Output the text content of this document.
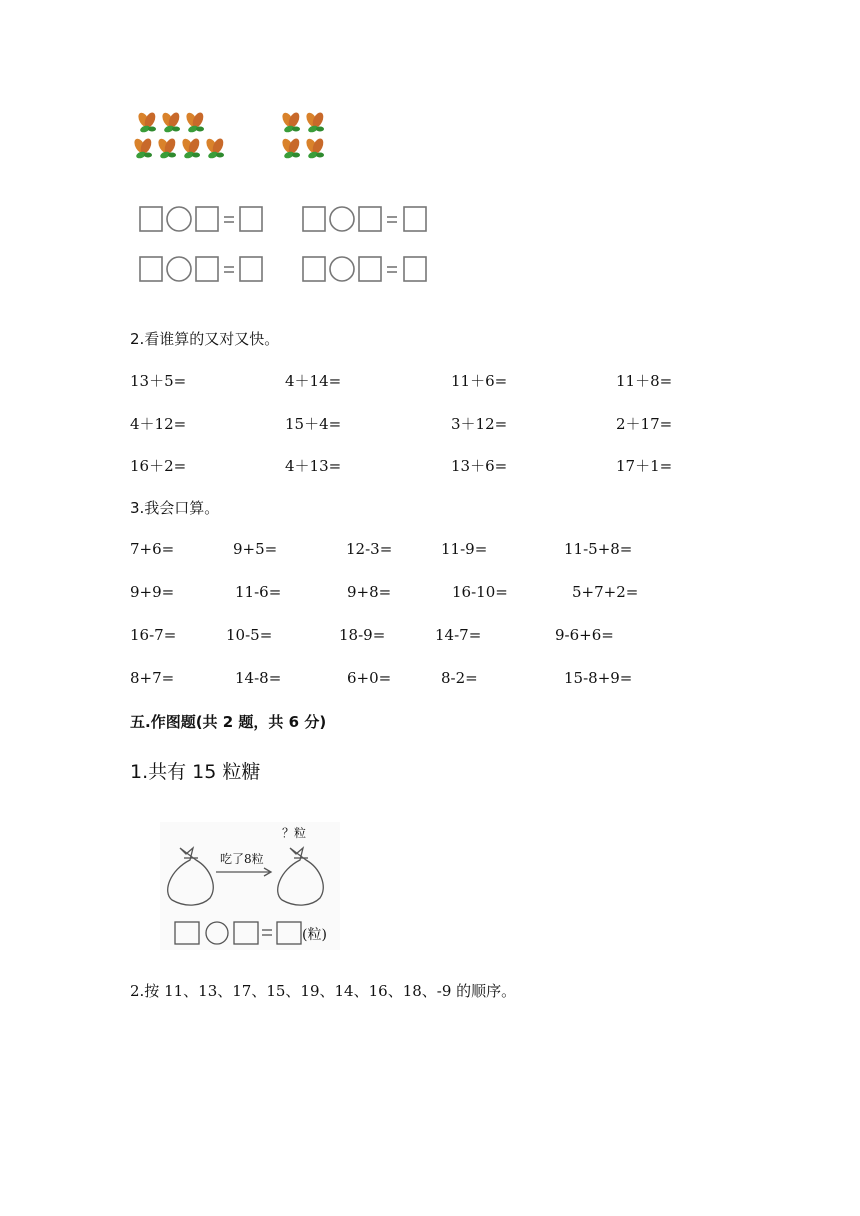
2.看谁算的又对又快。
13＋5=	4＋14=	11＋6=	11＋8=
4＋12=	15＋4=	3＋12=	2＋17=
16＋2=	4＋13=	13＋6=	17＋1=
3.我会口算。
7+6=	9+5=	12-3=	11-9=	11-5+8=
9+9=	11-6=	9+8=	16-10=	5+7+2=
16-7=	10-5=	18-9=	14-7=	9-6+6=
8+7=	14-8=	6+0=	8-2=	15-8+9=
五.作图题(共 2 题，共 6 分)
1.共有 15 粒糖
？粒
吃了8粒
(粒)
2.按 11、13、17、15、19、14、16、18、-9 的顺序。
